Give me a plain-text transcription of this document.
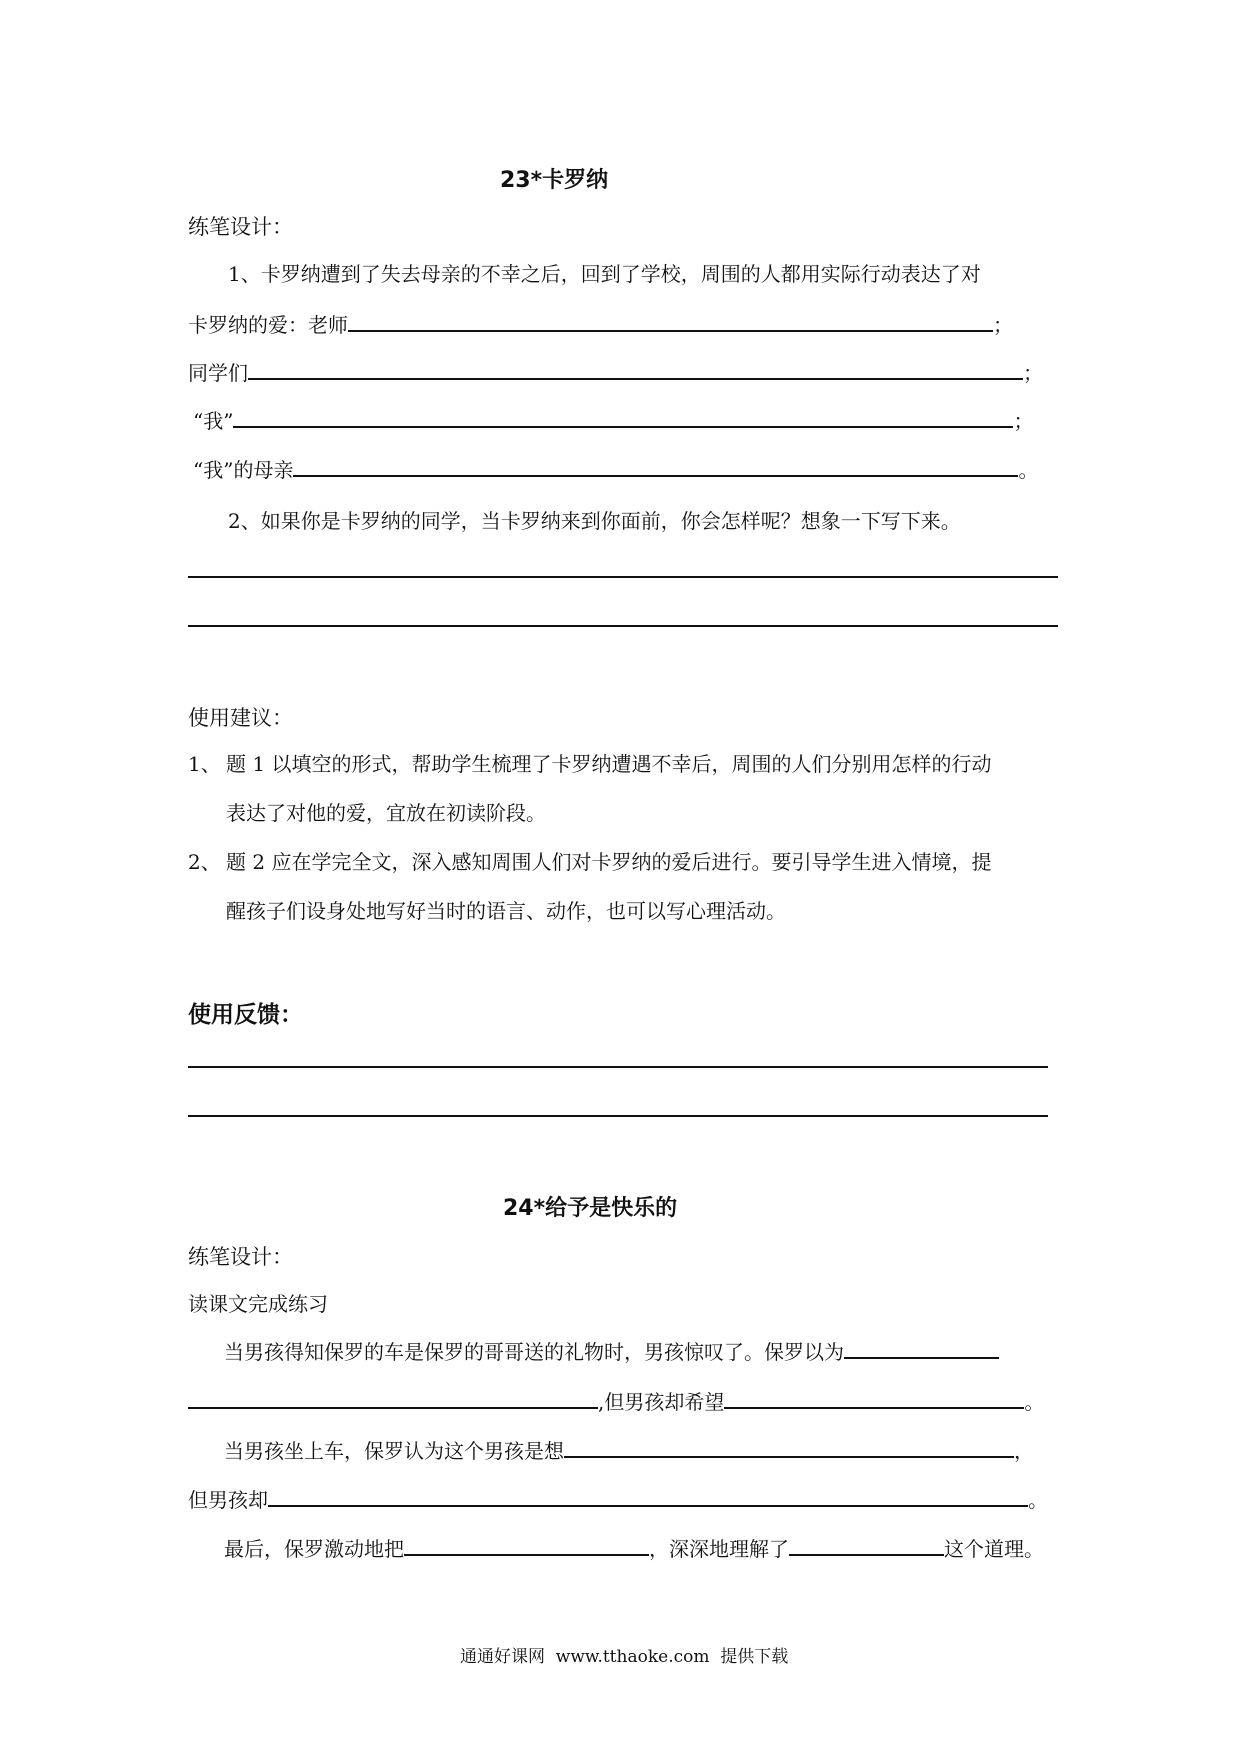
23*卡罗纳
练笔设计：
1、卡罗纳遭到了失去母亲的不幸之后，回到了学校，周围的人都用实际行动表达了对
卡罗纳的爱：老师	；
同学们	；
“我”	；
“我”的母亲	。
2、如果你是卡罗纳的同学，当卡罗纳来到你面前，你会怎样呢？想象一下写下来。
使用建议：
1、 题 1 以填空的形式，帮助学生梳理了卡罗纳遭遇不幸后，周围的人们分别用怎样的行动
表达了对他的爱，宜放在初读阶段。
2、 题 2 应在学完全文，深入感知周围人们对卡罗纳的爱后进行。要引导学生进入情境，提
醒孩子们设身处地写好当时的语言、动作，也可以写心理活动。
使用反馈：
24*给予是快乐的
练笔设计：
读课文完成练习
当男孩得知保罗的车是保罗的哥哥送的礼物时，男孩惊叹了。保罗以为
,但男孩却希望	。
当男孩坐上车，保罗认为这个男孩是想	，
但男孩却	。
最后，保罗激动地把	，深深地理解了	这个道理。
通通好课网  www.tthaoke.com  提供下载
